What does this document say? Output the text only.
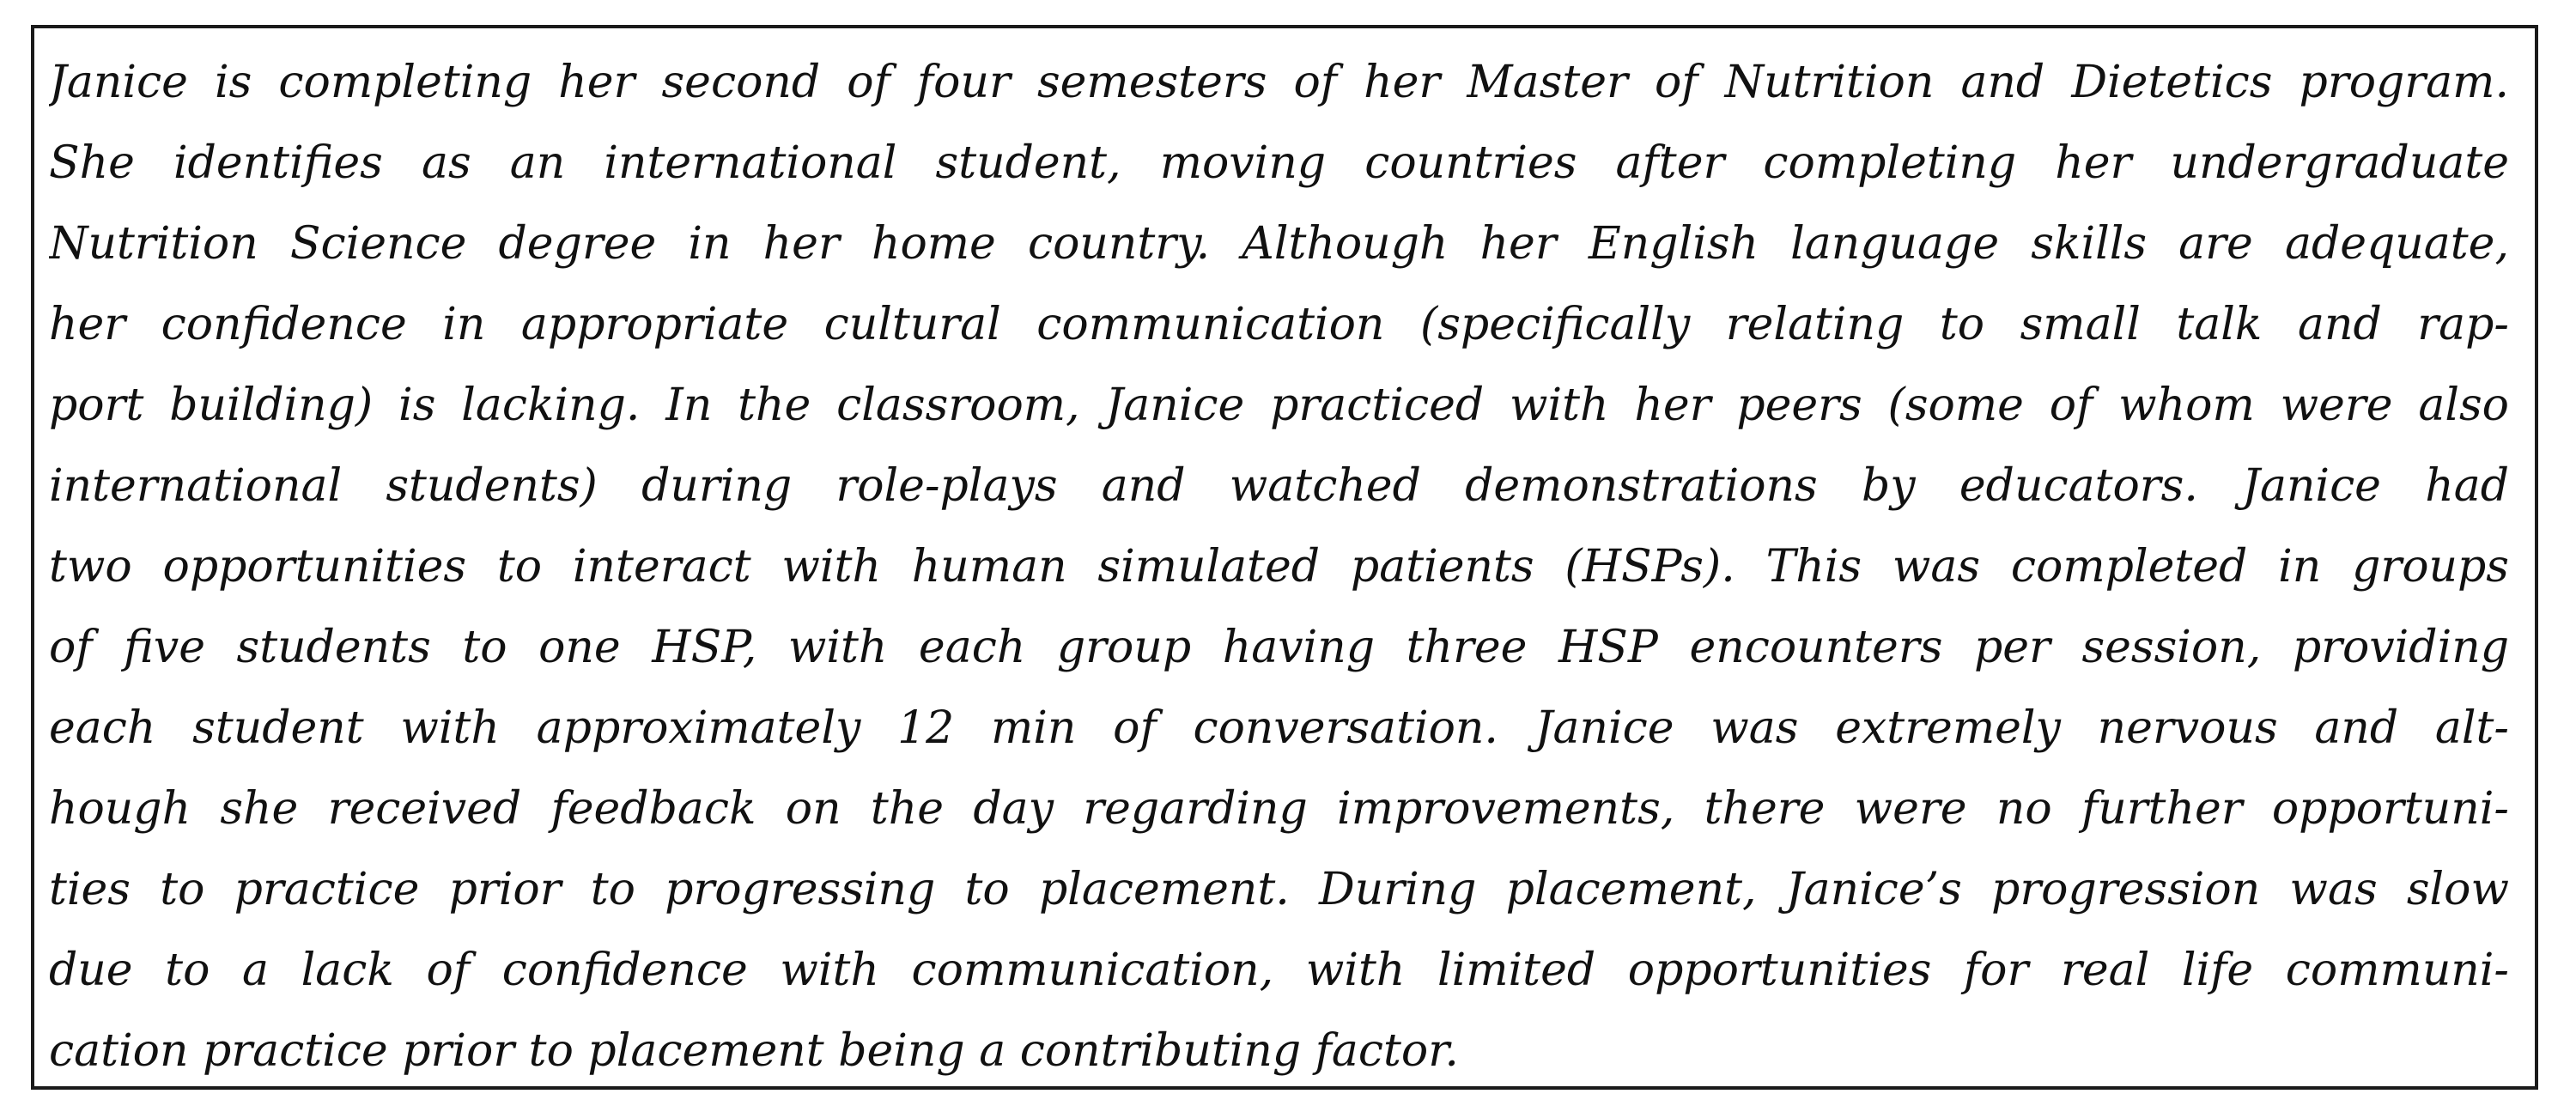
Janice is completing her second of four semesters of her Master of Nutrition and Dietetics program.
She identifies as an international student, moving countries after completing her undergraduate
Nutrition Science degree in her home country. Although her English language skills are adequate,
her confidence in appropriate cultural communication (specifically relating to small talk and rap-
port building) is lacking. In the classroom, Janice practiced with her peers (some of whom were also
international students) during role-plays and watched demonstrations by educators. Janice had
two opportunities to interact with human simulated patients (HSPs). This was completed in groups
of five students to one HSP, with each group having three HSP encounters per session, providing
each student with approximately 12 min of conversation. Janice was extremely nervous and alt-
hough she received feedback on the day regarding improvements, there were no further opportuni-
ties to practice prior to progressing to placement. During placement, Janice’s progression was slow
due to a lack of confidence with communication, with limited opportunities for real life communi-
cation practice prior to placement being a contributing factor.
